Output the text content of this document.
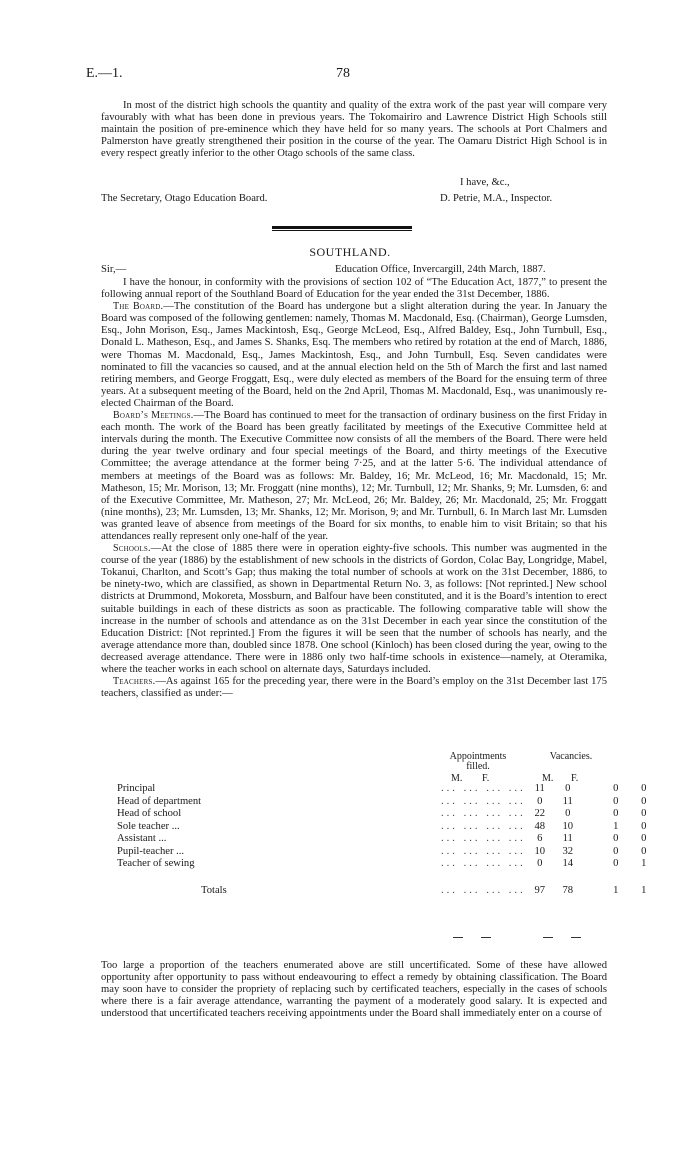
E.—1.	78

In most of the district high schools the quantity and quality of the extra work of the past year will compare very favourably with what has been done in previous years. The Tokomairiro and Lawrence District High Schools still maintain the position of pre-eminence which they have held for so many years. The schools at Port Chalmers and Palmerston have greatly strengthened their position in the course of the year. The Oamaru District High School is in every respect greatly inferior to the other Otago schools of the same class.

I have, &c.,
The Secretary, Otago Education Board.	D. Petrie, M.A., Inspector.
SOUTHLAND.
Sir,—	Education Office, Invercargill, 24th March, 1887.

I have the honour, in conformity with the provisions of section 102 of “The Education Act, 1877,” to present the following annual report of the Southland Board of Education for the year ended the 31st December, 1886.

The Board.—The constitution of the Board has undergone but a slight alteration during the year. In January the Board was composed of the following gentlemen: namely, Thomas M. Macdonald, Esq. (Chairman), George Lumsden, Esq., John Morison, Esq., James Mackintosh, Esq., George McLeod, Esq., Alfred Baldey, Esq., John Turnbull, Esq., Donald L. Matheson, Esq., and James S. Shanks, Esq. The members who retired by rotation at the end of March, 1886, were Thomas M. Macdonald, Esq., James Mackintosh, Esq., and John Turnbull, Esq. Seven candidates were nominated to fill the vacancies so caused, and at the annual election held on the 5th of March the first and last named retiring members, and George Froggatt, Esq., were duly elected as members of the Board for the ensuing term of three years. At a subsequent meeting of the Board, held on the 2nd April, Thomas M. Macdonald, Esq., was unanimously re-elected Chairman of the Board.

Board’s Meetings.—The Board has continued to meet for the transaction of ordinary business on the first Friday in each month. The work of the Board has been greatly facilitated by meetings of the Executive Committee held at intervals during the month. The Executive Committee now consists of all the members of the Board. There were held during the year twelve ordinary and four special meetings of the Board, and thirty meetings of the Executive Committee; the average attendance at the former being 7·25, and at the latter 5·6. The individual attendance of members at meetings of the Board was as follows: Mr. Baldey, 16; Mr. McLeod, 16; Mr. Macdonald, 15; Mr. Matheson, 15; Mr. Morison, 13; Mr. Froggatt (nine months), 12; Mr. Turnbull, 12; Mr. Shanks, 9; Mr. Lumsden, 6: and of the Executive Committee, Mr. Matheson, 27; Mr. McLeod, 26; Mr. Baldey, 26; Mr. Macdonald, 25; Mr. Froggatt (nine months), 23; Mr. Lumsden, 13; Mr. Shanks, 12; Mr. Morison, 9; and Mr. Turnbull, 6. In March last Mr. Lumsden was granted leave of absence from meetings of the Board for six months, to enable him to visit Britain; so that his attendances really represent only one-half of the year.

Schools.—At the close of 1885 there were in operation eighty-five schools. This number was augmented in the course of the year (1886) by the establishment of new schools in the districts of Gordon, Colac Bay, Longridge, Mabel, Tokanui, Charlton, and Scott’s Gap; thus making the total number of schools at work on the 31st December, 1886, to be ninety-two, which are classified, as shown in Departmental Return No. 3, as follows: [Not reprinted.] New school districts at Drummond, Mokoreta, Mossburn, and Balfour have been constituted, and it is the Board’s intention to erect suitable buildings in each of these districts as soon as practicable. The following comparative table will show the increase in the number of schools and attendance as on the 31st December in each year since the constitution of the Education District: [Not reprinted.] From the figures it will be seen that the number of schools has nearly, and the average attendance more than, doubled since 1878. One school (Kinloch) has been closed during the year, owing to the decreased average attendance. There were in 1886 only two half-time schools in existence—namely, at Oteramika, where the teacher works in each school on alternate days, Saturdays included.

Teachers.—As against 165 for the preceding year, there were in the Board’s employ on the 31st December last 175 teachers, classified as under:—

Appointments filled.
Vacancies.
M. F.	M. F.
Principal	... ... ... ...	11	0		0	0
Head of department	... ... ... ...	0	11		0	0
Head of school	... ... ... ...	22	0		0	0
Sole teacher ...	... ... ... ...	48	10		1	0
Assistant ...	... ... ... ...	6	11		0	0
Pupil-teacher ...	... ... ... ...	10	32		0	0
Teacher of sewing	... ... ... ...	0	14		0	1

Totals	... ... ... ...	97	78		1	1

Too large a proportion of the teachers enumerated above are still uncertificated. Some of these have allowed opportunity after opportunity to pass without endeavouring to effect a remedy by obtaining classification. The Board may soon have to consider the propriety of replacing such by certificated teachers, especially in the cases of schools where there is a fair average attendance, warranting the payment of a moderately good salary. It is expected and understood that uncertificated teachers receiving appointments under the Board shall immediately enter on a course of
